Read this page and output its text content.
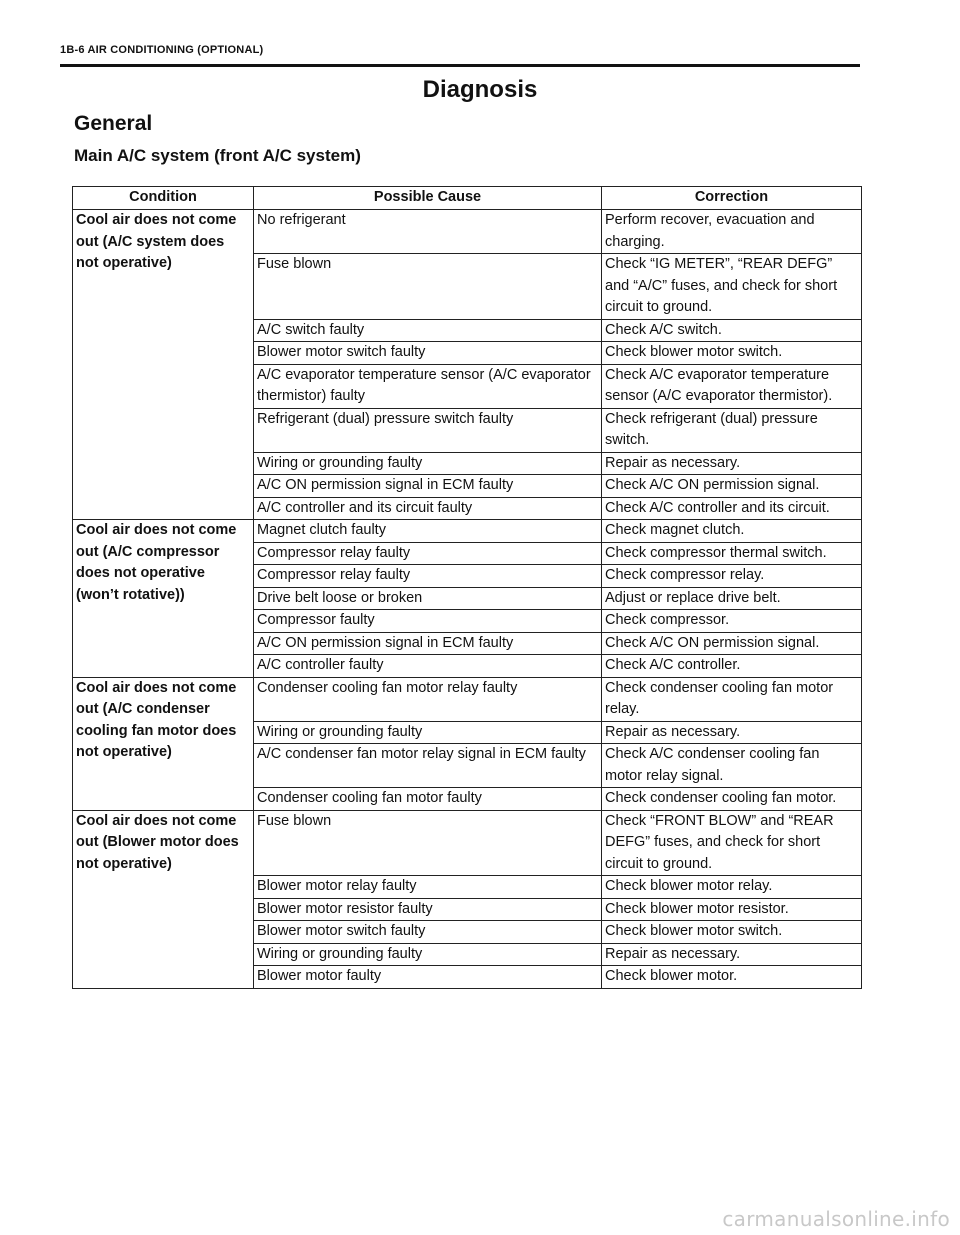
1B-6 AIR CONDITIONING (OPTIONAL)
Diagnosis
General
Main A/C system (front A/C system)
Condition	Possible Cause	Correction
Cool air does not come out (A/C system does not operative)	No refrigerant	Perform recover, evacuation and charging.
	Fuse blown	Check “IG METER”, “REAR DEFG” and “A/C” fuses, and check for short circuit to ground.
	A/C switch faulty	Check A/C switch.
	Blower motor switch faulty	Check blower motor switch.
	A/C evaporator temperature sensor (A/C evaporator thermistor) faulty	Check A/C evaporator temperature sensor (A/C evaporator thermistor).
	Refrigerant (dual) pressure switch faulty	Check refrigerant (dual) pressure switch.
	Wiring or grounding faulty	Repair as necessary.
	A/C ON permission signal in ECM faulty	Check A/C ON permission signal.
	A/C controller and its circuit faulty	Check A/C controller and its circuit.
Cool air does not come out (A/C compressor does not operative (won’t rotative))	Magnet clutch faulty	Check magnet clutch.
	Compressor relay faulty	Check compressor thermal switch.
	Compressor relay faulty	Check compressor relay.
	Drive belt loose or broken	Adjust or replace drive belt.
	Compressor faulty	Check compressor.
	A/C ON permission signal in ECM faulty	Check A/C ON permission signal.
	A/C controller faulty	Check A/C controller.
Cool air does not come out (A/C condenser cooling fan motor does not operative)	Condenser cooling fan motor relay faulty	Check condenser cooling fan motor relay.
	Wiring or grounding faulty	Repair as necessary.
	A/C condenser fan motor relay signal in ECM faulty	Check A/C condenser cooling fan motor relay signal.
	Condenser cooling fan motor faulty	Check condenser cooling fan motor.
Cool air does not come out (Blower motor does not operative)	Fuse blown	Check “FRONT BLOW” and “REAR DEFG” fuses, and check for short circuit to ground.
	Blower motor relay faulty	Check blower motor relay.
	Blower motor resistor faulty	Check blower motor resistor.
	Blower motor switch faulty	Check blower motor switch.
	Wiring or grounding faulty	Repair as necessary.
	Blower motor faulty	Check blower motor.
carmanualsonline.info
